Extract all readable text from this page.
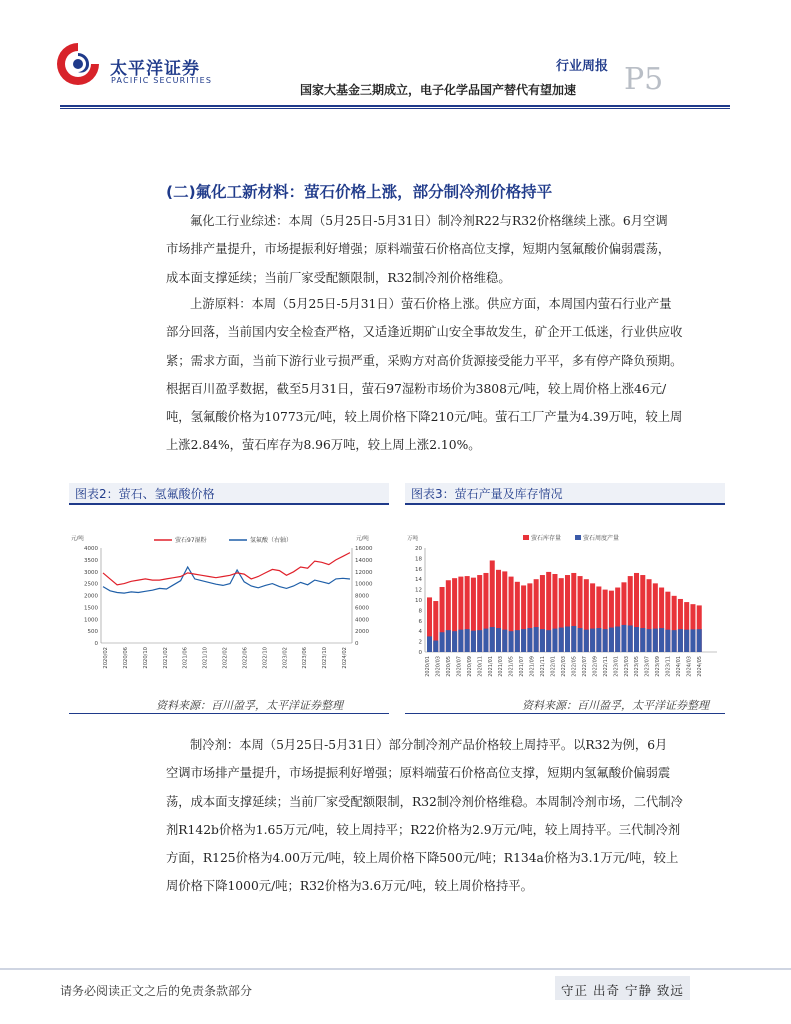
太平洋证券
PACIFIC SECURITIES
行业周报
国家大基金三期成立，电子化学品国产替代有望加速 P5
(二)氟化工新材料：萤石价格上涨，部分制冷剂价格持平
氟化工行业综述：本周（5月25日-5月31日）制冷剂R22与R32价格继续上涨。6月空调
市场排产量提升，市场提振利好增强；原料端萤石价格高位支撑，短期内氢氟酸价偏弱震荡，
成本面支撑延续；当前厂家受配额限制，R32制冷剂价格维稳。
上游原料：本周（5月25日-5月31日）萤石价格上涨。供应方面，本周国内萤石行业产量
部分回落，当前国内安全检查严格，又适逢近期矿山安全事故发生，矿企开工低迷，行业供应收
紧；需求方面，当前下游行业亏损严重，采购方对高价货源接受能力平平，多有停产降负预期。
根据百川盈孚数据，截至5月31日，萤石97湿粉市场价为3808元/吨，较上周价格上涨46元/
吨，氢氟酸价格为10773元/吨，较上周价格下降210元/吨。萤石工厂产量为4.39万吨，较上周
上涨2.84%，萤石库存为8.96万吨，较上周上涨2.10%。
图表2：萤石、氢氟酸价格
元/吨	元/吨
萤石97湿粉	氢氟酸（右轴）
0
500
1000
1500
2000
2500
3000
3500
4000
0
2000
4000
6000
8000
10000
12000
14000
16000
2020/02	2020/06	2020/10	2021/02	2021/06	2021/10	2022/02	2022/06	2022/10	2023/02	2023/06	2023/10	2024/02
资料来源：百川盈孚，太平洋证券整理
图表3：萤石产量及库存情况
万吨	萤石库存量	萤石周度产量
0
2
4
6
8
10
12
14
16
18
20
2020/01 2020/03 2020/05 2020/07 2020/09 2020/11 2021/01 2021/03 2021/05 2021/07 2021/09 2021/11 2022/01 2022/03 2022/05 2022/07 2022/09 2022/11 2023/01 2023/03 2023/05 2023/07 2023/09 2023/11 2024/01 2024/03 2024/05
资料来源：百川盈孚，太平洋证券整理
制冷剂：本周（5月25日-5月31日）部分制冷剂产品价格较上周持平。以R32为例，6月
空调市场排产量提升，市场提振利好增强；原料端萤石价格高位支撑，短期内氢氟酸价偏弱震
荡，成本面支撑延续；当前厂家受配额限制，R32制冷剂价格维稳。本周制冷剂市场，二代制冷
剂R142b价格为1.65万元/吨，较上周持平；R22价格为2.9万元/吨，较上周持平。三代制冷剂
方面，R125价格为4.00万元/吨，较上周价格下降500元/吨；R134a价格为3.1万元/吨，较上
周价格下降1000元/吨；R32价格为3.6万元/吨，较上周价格持平。
请务必阅读正文之后的免责条款部分	守正 出奇 宁静 致远
